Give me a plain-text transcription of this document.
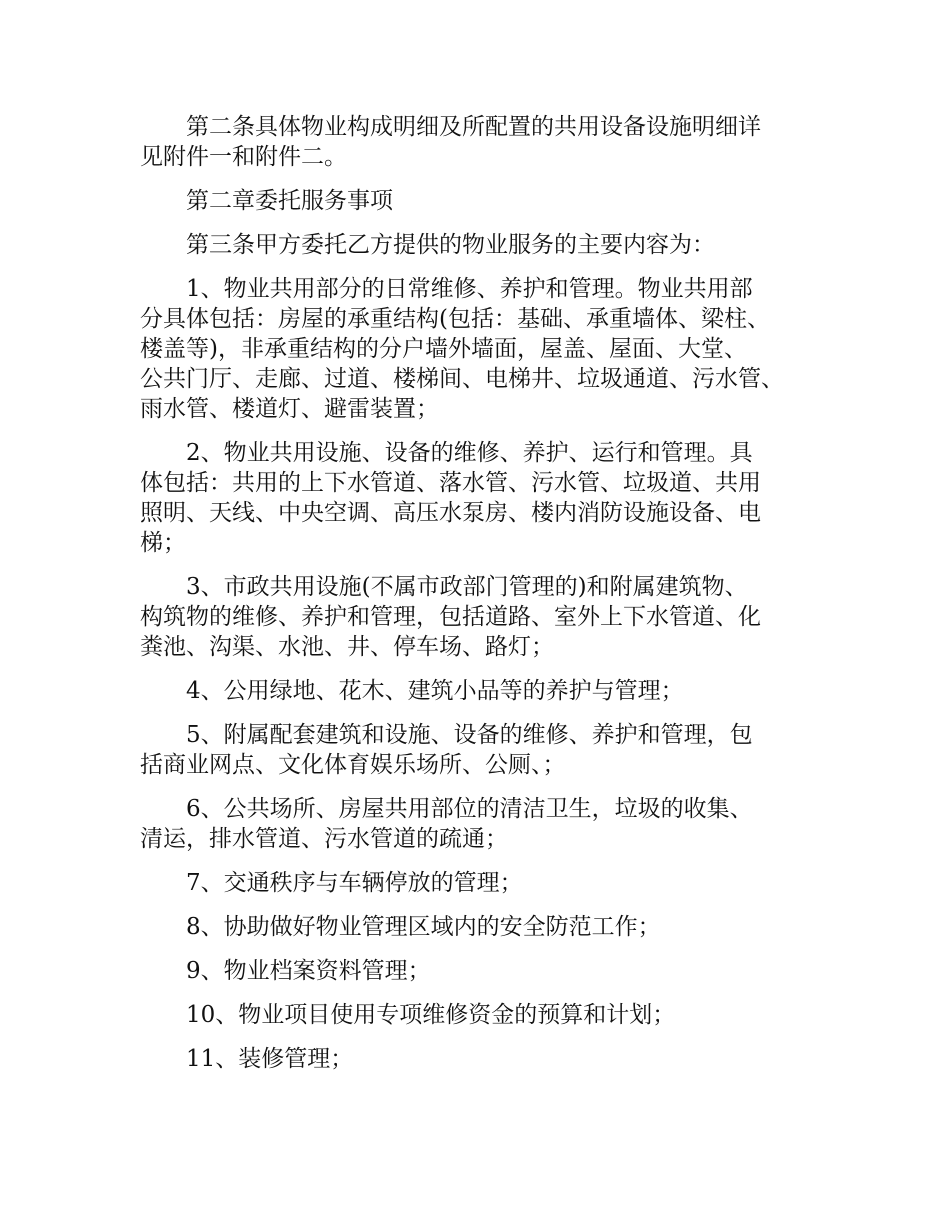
第二条具体物业构成明细及所配置的共用设备设施明细详
见附件一和附件二。

第二章委托服务事项

第三条甲方委托乙方提供的物业服务的主要内容为：

1、物业共用部分的日常维修、养护和管理。物业共用部
分具体包括：房屋的承重结构(包括：基础、承重墙体、梁柱、
楼盖等)，非承重结构的分户墙外墙面，屋盖、屋面、大堂、
公共门厅、走廊、过道、楼梯间、电梯井、垃圾通道、污水管、
雨水管、楼道灯、避雷装置；

2、物业共用设施、设备的维修、养护、运行和管理。具
体包括：共用的上下水管道、落水管、污水管、垃圾道、共用
照明、天线、中央空调、高压水泵房、楼内消防设施设备、电
梯；

3、市政共用设施(不属市政部门管理的)和附属建筑物、
构筑物的维修、养护和管理，包括道路、室外上下水管道、化
粪池、沟渠、水池、井、停车场、路灯；

4、公用绿地、花木、建筑小品等的养护与管理；

5、附属配套建筑和设施、设备的维修、养护和管理，包
括商业网点、文化体育娱乐场所、公厕、；

6、公共场所、房屋共用部位的清洁卫生，垃圾的收集、
清运，排水管道、污水管道的疏通；

7、交通秩序与车辆停放的管理；

8、协助做好物业管理区域内的安全防范工作；

9、物业档案资料管理；

10、物业项目使用专项维修资金的预算和计划；

11、装修管理；
